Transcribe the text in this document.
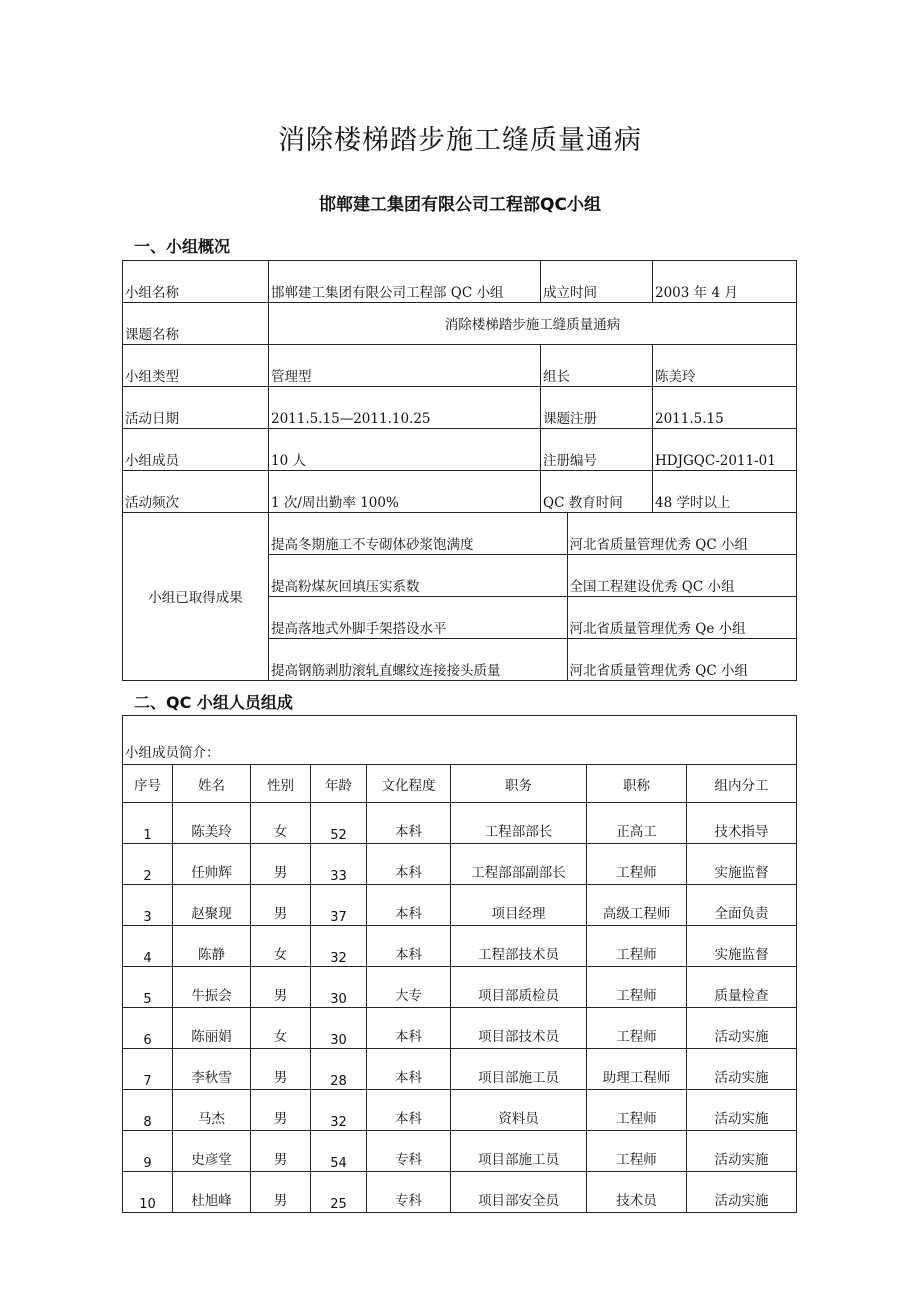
消除楼梯踏步施工缝质量通病
邯郸建工集团有限公司工程部QC小组
一、小组概况
小组名称	邯郸建工集团有限公司工程部 QC 小组	成立时间	2003 年 4 月
课题名称	消除楼梯踏步施工缝质量通病
小组类型	管理型	组长	陈美玲
活动日期	2011.5.15—2011.10.25	课题注册	2011.5.15
小组成员	10 人	注册编号	HDJGQC-2011-01
活动频次	1 次/周出勤率 100%	QC 教育时间	48 学时以上
小组已取得成果	
提高冬期施工不专砌体砂浆饱满度	河北省质量管理优秀 QC 小组
提高粉煤灰回填压实系数	全国工程建设优秀 QC 小组
提高落地式外脚手架搭设水平	河北省质量管理优秀 Qe 小组
提高钢筋剥肋滚轧直螺纹连接接头质量	河北省质量管理优秀 QC 小组
二、QC 小组人员组成
小组成员简介：							
序号	姓名	性别	年龄	文化程度	职务	职称	组内分工
1	陈美玲	女	52	本科	工程部部长	正高工	技术指导
2	任帅辉	男	33	本科	工程部部副部长	工程师	实施监督
3	赵聚现	男	37	本科	项目经理	高级工程师	全面负责
4	陈静	女	32	本科	工程部技术员	工程师	实施监督
5	牛振会	男	30	大专	项目部质检员	工程师	质量检查
6	陈丽娟	女	30	本科	项目部技术员	工程师	活动实施
7	李秋雪	男	28	本科	项目部施工员	助理工程师	活动实施
8	马杰	男	32	本科	资料员	工程师	活动实施
9	史彦堂	男	54	专科	项目部施工员	工程师	活动实施
10	杜旭峰	男	25	专科	项目部安全员	技术员	活动实施
